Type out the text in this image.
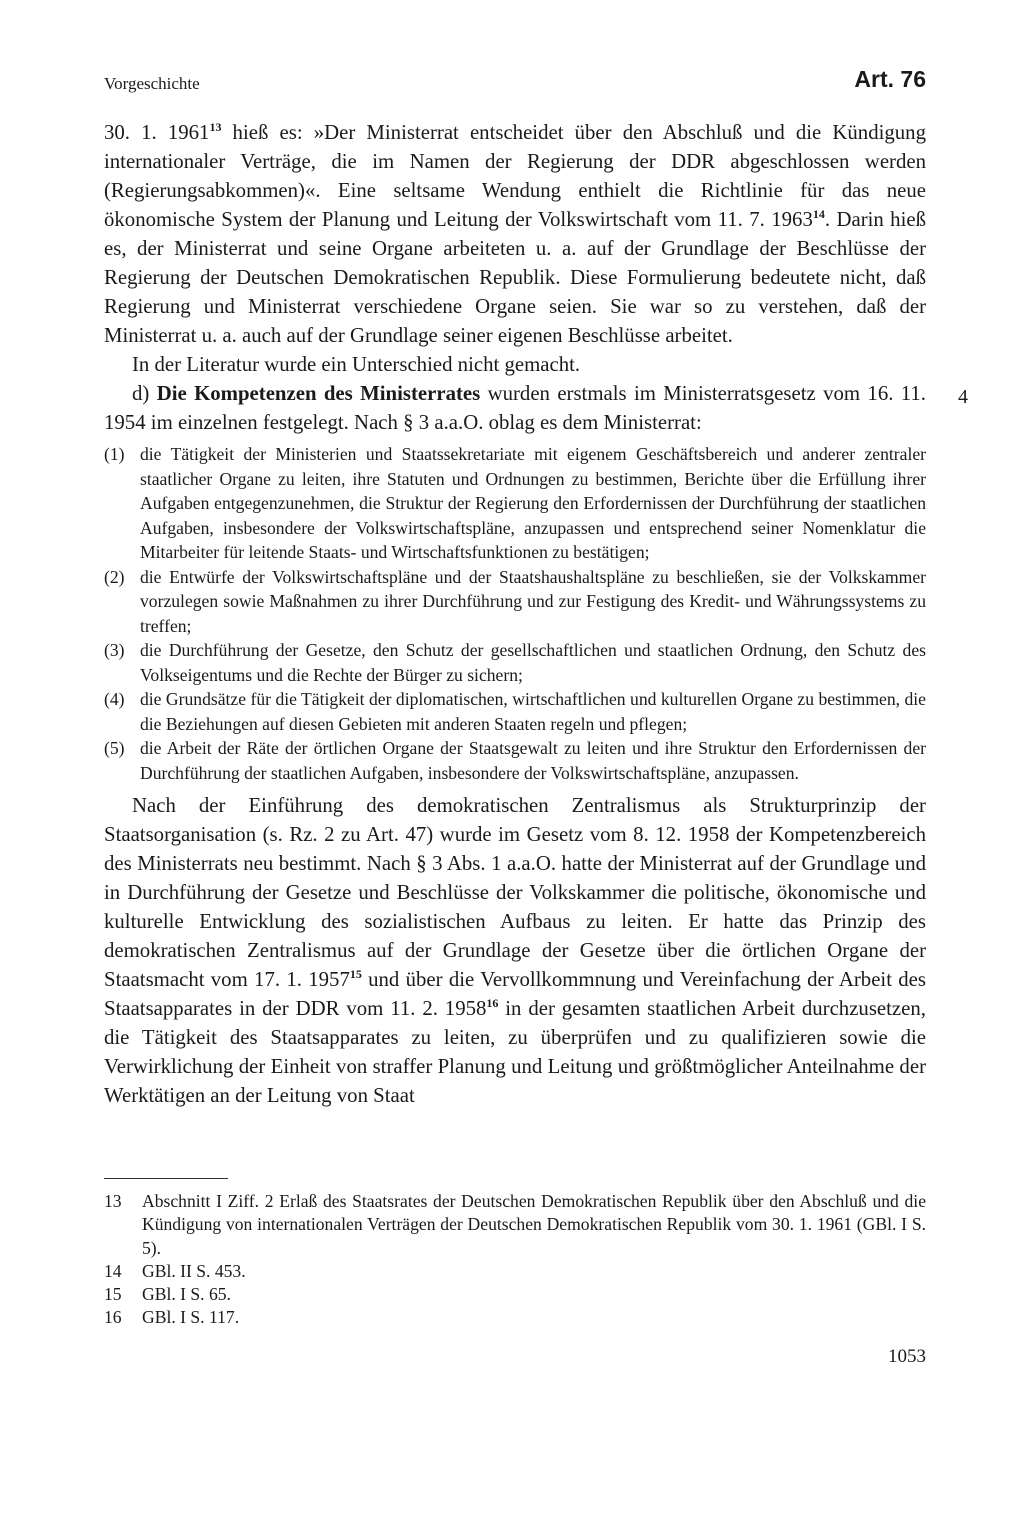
Vorgeschichte	Art. 76
4

30. 1. 1961$^{13}$ hieß es: »Der Ministerrat entscheidet über den Abschluß und die Kündigung internationaler Verträge, die im Namen der Regierung der DDR abgeschlossen werden (Regierungsabkommen)«. Eine seltsame Wendung enthielt die Richtlinie für das neue ökonomische System der Planung und Leitung der Volkswirtschaft vom 11. 7. 1963$^{14}$. Darin hieß es, der Ministerrat und seine Organe arbeiteten u. a. auf der Grundlage der Beschlüsse der Regierung der Deutschen Demokratischen Republik. Diese Formulierung bedeutete nicht, daß Regierung und Ministerrat verschiedene Organe seien. Sie war so zu verstehen, daß der Ministerrat u. a. auch auf der Grundlage seiner eigenen Beschlüsse arbeitet.

In der Literatur wurde ein Unterschied nicht gemacht.

d) Die Kompetenzen des Ministerrates wurden erstmals im Ministerratsgesetz vom 16. 11. 1954 im einzelnen festgelegt. Nach § 3 a.a.O. oblag es dem Ministerrat:

(1) die Tätigkeit der Ministerien und Staatssekretariate mit eigenem Geschäftsbereich und anderer zentraler staatlicher Organe zu leiten, ihre Statuten und Ordnungen zu bestimmen, Berichte über die Erfüllung ihrer Aufgaben entgegenzunehmen, die Struktur der Regierung den Erfordernissen der Durchführung der staatlichen Aufgaben, insbesondere der Volkswirtschaftspläne, anzupassen und entsprechend seiner Nomenklatur die Mitarbeiter für leitende Staats- und Wirtschaftsfunktionen zu bestätigen;
(2) die Entwürfe der Volkswirtschaftspläne und der Staatshaushaltspläne zu beschließen, sie der Volkskammer vorzulegen sowie Maßnahmen zu ihrer Durchführung und zur Festigung des Kredit- und Währungssystems zu treffen;
(3) die Durchführung der Gesetze, den Schutz der gesellschaftlichen und staatlichen Ordnung, den Schutz des Volkseigentums und die Rechte der Bürger zu sichern;
(4) die Grundsätze für die Tätigkeit der diplomatischen, wirtschaftlichen und kulturellen Organe zu bestimmen, die die Beziehungen auf diesen Gebieten mit anderen Staaten regeln und pflegen;
(5) die Arbeit der Räte der örtlichen Organe der Staatsgewalt zu leiten und ihre Struktur den Erfordernissen der Durchführung der staatlichen Aufgaben, insbesondere der Volkswirtschaftspläne, anzupassen.

Nach der Einführung des demokratischen Zentralismus als Strukturprinzip der Staatsorganisation (s. Rz. 2 zu Art. 47) wurde im Gesetz vom 8. 12. 1958 der Kompetenzbereich des Ministerrats neu bestimmt. Nach § 3 Abs. 1 a.a.O. hatte der Ministerrat auf der Grundlage und in Durchführung der Gesetze und Beschlüsse der Volkskammer die politische, ökonomische und kulturelle Entwicklung des sozialistischen Aufbaus zu leiten. Er hatte das Prinzip des demokratischen Zentralismus auf der Grundlage der Gesetze über die örtlichen Organe der Staatsmacht vom 17. 1. 1957$^{15}$ und über die Vervollkommnung und Vereinfachung der Arbeit des Staatsapparates in der DDR vom 11. 2. 1958$^{16}$ in der gesamten staatlichen Arbeit durchzusetzen, die Tätigkeit des Staatsapparates zu leiten, zu überprüfen und zu qualifizieren sowie die Verwirklichung der Einheit von straffer Planung und Leitung und größtmöglicher Anteilnahme der Werktätigen an der Leitung von Staat

13 Abschnitt I Ziff. 2 Erlaß des Staatsrates der Deutschen Demokratischen Republik über den Abschluß und die Kündigung von internationalen Verträgen der Deutschen Demokratischen Republik vom 30. 1. 1961 (GBl. I S. 5).
14 GBl. II S. 453.
15 GBl. I S. 65.
16 GBl. I S. 117.
1053
